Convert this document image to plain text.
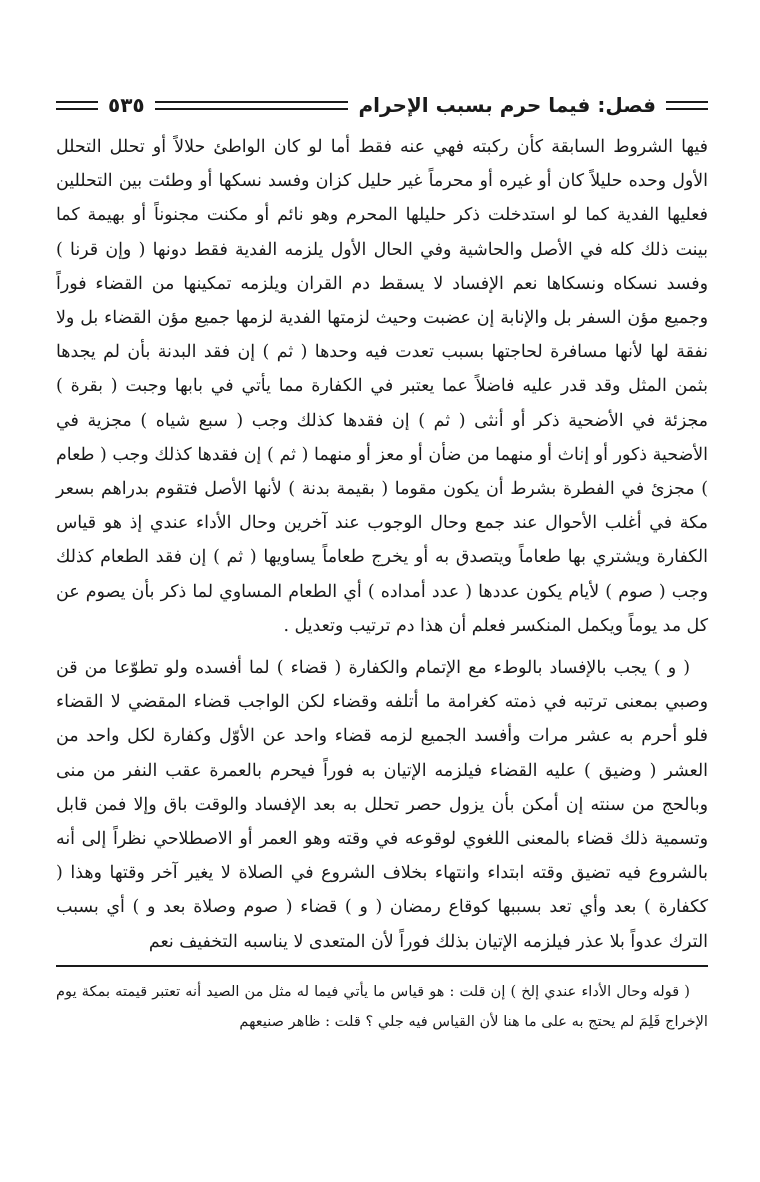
فصل: فيما حرم بسبب الإحرام
٥٣٥

فيها الشروط السابقة كأن ركبته فهي عنه فقط أما لو كان الواطئ حلالاً أو تحلل التحلل الأول وحده حليلاً كان أو غيره أو محرماً غير حليل كزان وفسد نسكها أو وطئت بين التحللين فعليها الفدية كما لو استدخلت ذكر حليلها المحرم وهو نائم أو مكنت مجنوناً أو بهيمة كما بينت ذلك كله في الأصل والحاشية وفي الحال الأول يلزمه الفدية فقط دونها ( وإن قرنا ) وفسد نسكاه ونسكاها نعم الإفساد لا يسقط دم القران ويلزمه تمكينها من القضاء فوراً وجميع مؤن السفر بل والإنابة إن عضبت وحيث لزمتها الفدية لزمها جميع مؤن القضاء بل ولا نفقة لها لأنها مسافرة لحاجتها بسبب تعدت فيه وحدها ( ثم ) إن فقد البدنة بأن لم يجدها بثمن المثل وقد قدر عليه فاضلاً عما يعتبر في الكفارة مما يأتي في بابها وجبت ( بقرة ) مجزئة في الأضحية ذكر أو أنثى ( ثم ) إن فقدها كذلك وجب ( سبع شياه ) مجزية في الأضحية ذكور أو إناث أو منهما من ضأن أو معز أو منهما ( ثم ) إن فقدها كذلك وجب ( طعام ) مجزئ في الفطرة بشرط أن يكون مقوما ( بقيمة بدنة ) لأنها الأصل فتقوم بدراهم بسعر مكة في أغلب الأحوال عند جمع وحال الوجوب عند آخرين وحال الأداء عندي إذ هو قياس الكفارة ويشتري بها طعاماً ويتصدق به أو يخرج طعاماً يساويها ( ثم ) إن فقد الطعام كذلك وجب ( صوم ) لأيام يكون عددها ( عدد أمداده ) أي الطعام المساوي لما ذكر بأن يصوم عن كل مد يوماً ويكمل المنكسر فعلم أن هذا دم ترتيب وتعديل .

( و ) يجب بالإفساد بالوطء مع الإتمام والكفارة ( قضاء ) لما أفسده ولو تطوّعا من قن وصبي بمعنى ترتبه في ذمته كغرامة ما أتلفه وقضاء لكن الواجب قضاء المقضي لا القضاء فلو أحرم به عشر مرات وأفسد الجميع لزمه قضاء واحد عن الأوّل وكفارة لكل واحد من العشر ( وضيق ) عليه القضاء فيلزمه الإتيان به فوراً فيحرم بالعمرة عقب النفر من منى وبالحج من سنته إن أمكن بأن يزول حصر تحلل به بعد الإفساد والوقت باق وإلا فمن قابل وتسمية ذلك قضاء بالمعنى اللغوي لوقوعه في وقته وهو العمر أو الاصطلاحي نظراً إلى أنه بالشروع فيه تضيق وقته ابتداء وانتهاء بخلاف الشروع في الصلاة لا يغير آخر وقتها وهذا ( ككفارة ) بعد وأي تعد بسببها كوقاع رمضان ( و ) قضاء ( صوم وصلاة بعد و ) أي بسبب الترك عدواً بلا عذر فيلزمه الإتيان بذلك فوراً لأن المتعدى لا يناسبه التخفيف نعم

( قوله وحال الأداء عندي إلخ ) إن قلت : هو قياس ما يأتي فيما له مثل من الصيد أنه تعتبر قيمته بمكة يوم الإخراج فَلِمَ لم يحتج به على ما هنا لأن القياس فيه جلي ؟ قلت : ظاهر صنيعهم
